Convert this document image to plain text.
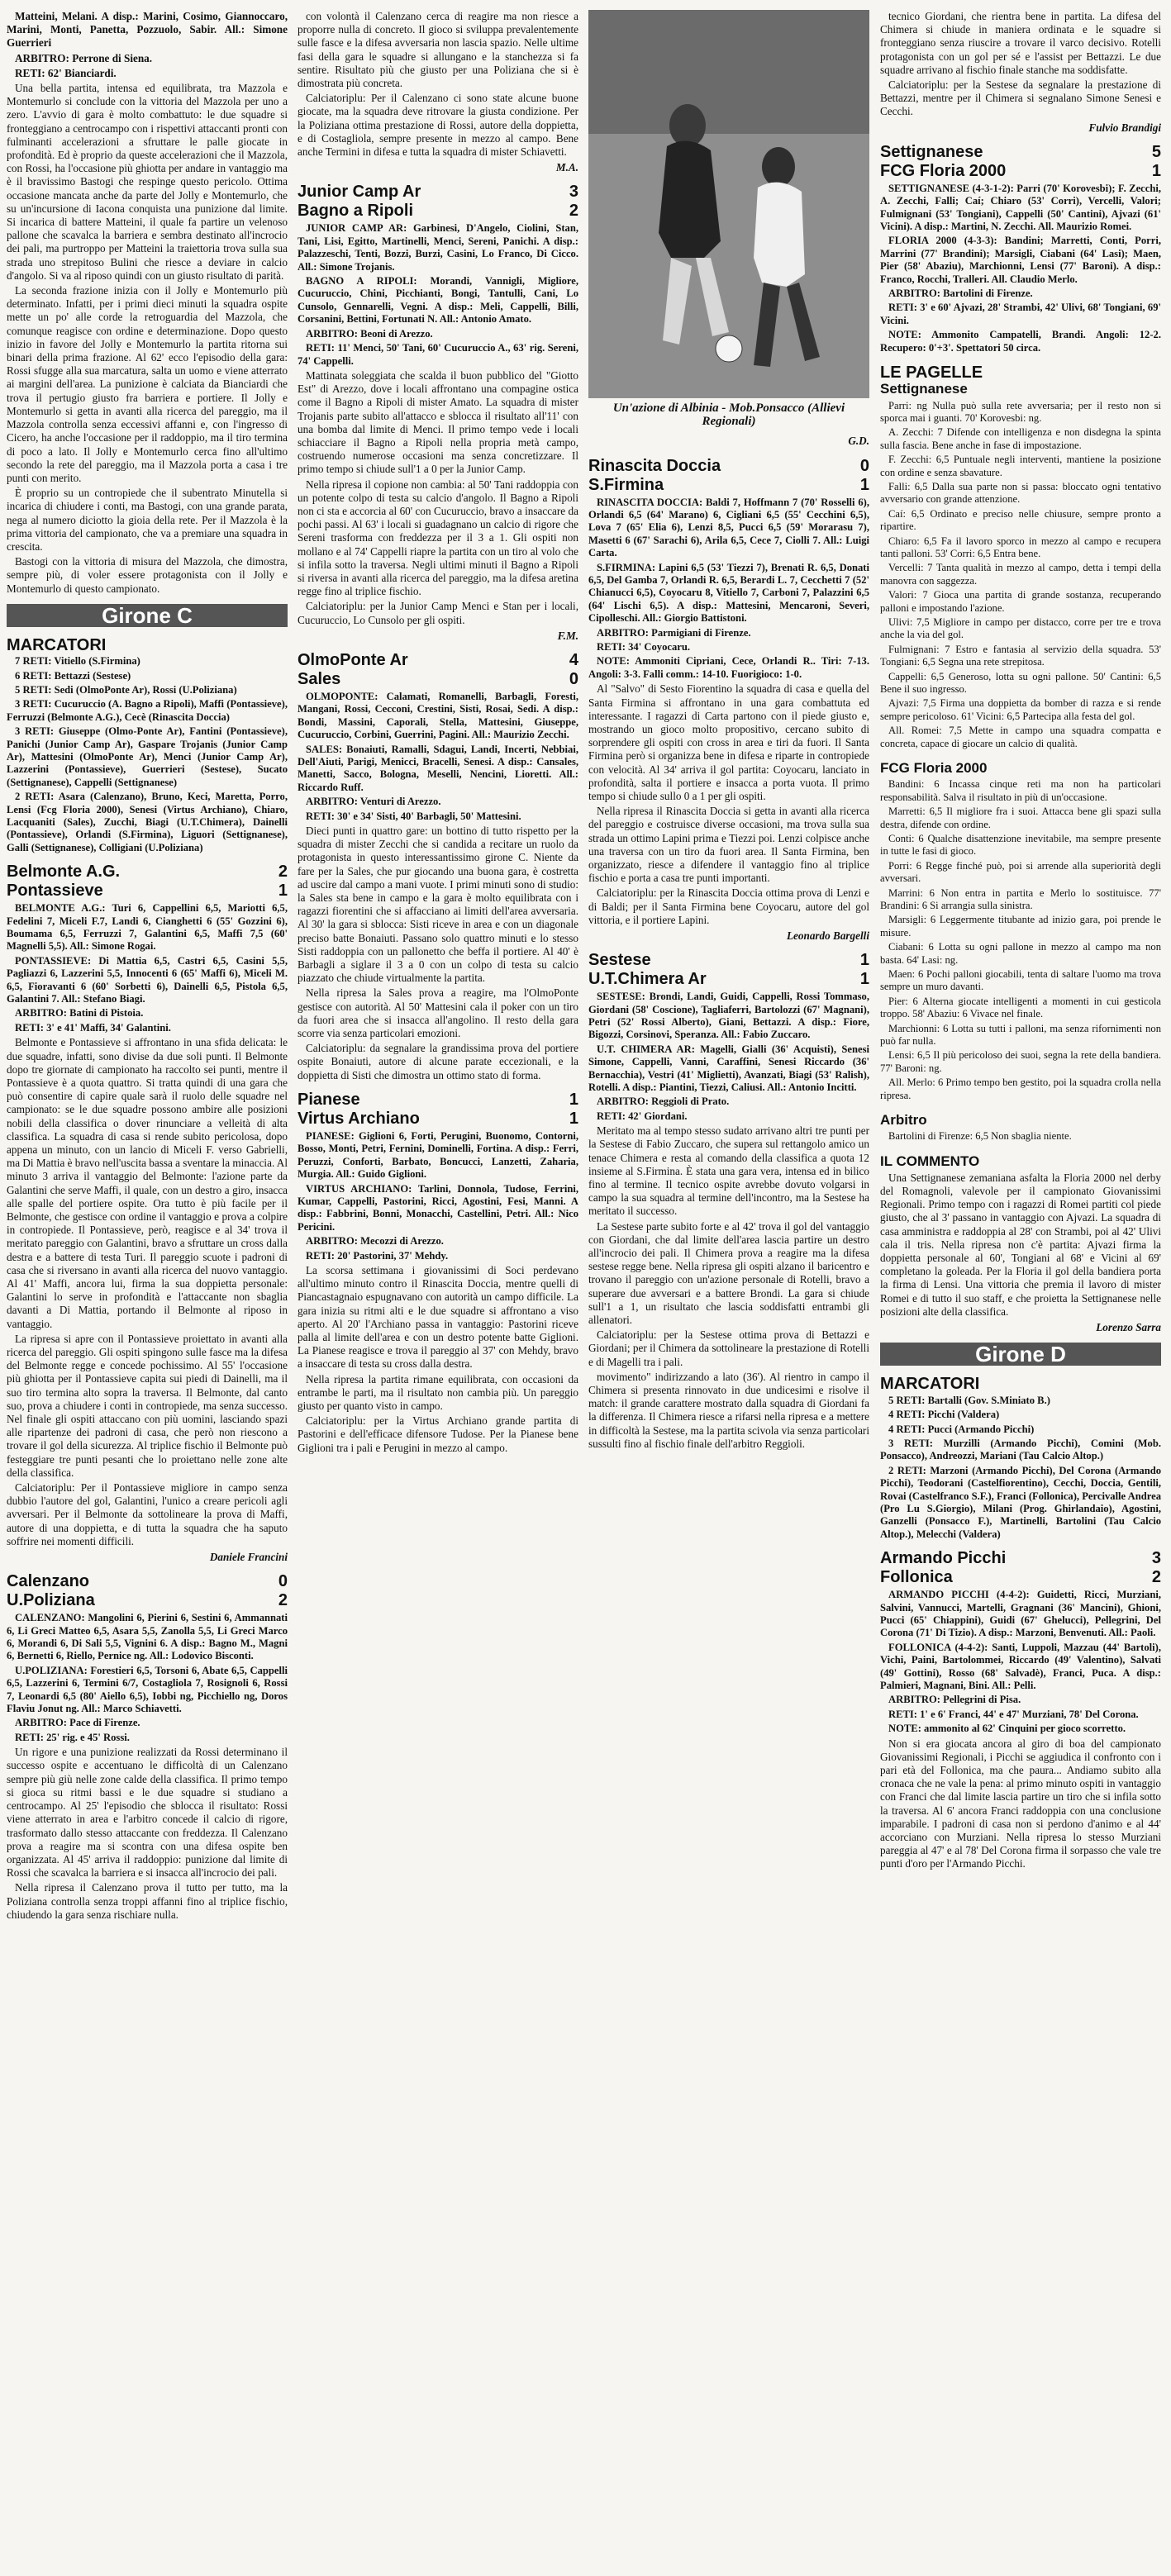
Matteini, Melani. A disp.: Marini, Cosimo, Giannoccaro, Marini, Monti, Panetta, Pozzuolo, Sabir. All.: Simone Guerrieri

ARBITRO: Perrone di Siena.

RETI: 62' Bianciardi.

Una bella partita, intensa ed equilibrata, tra Mazzola e Montemurlo si conclude con la vittoria del Mazzola per uno a zero. L'avvio di gara è molto combattuto: le due squadre si fronteggiano a centrocampo con i rispettivi attaccanti pronti con fulminanti accelerazioni a sfruttare le palle giocate in profondità. Ed è proprio da queste accelerazioni che il Mazzola, con Rossi, ha l'occasione più ghiotta per andare in vantaggio ma è il bravissimo Bastogi che respinge questo pericolo. Ottima occasione mancata anche da parte del Jolly e Montemurlo, che su un'incursione di Iacona conquista una punizione dal limite. Si incarica di battere Matteini, il quale fa partire un velenoso pallone che scavalca la barriera e sembra destinato all'incrocio dei pali, ma purtroppo per Matteini la traiettoria trova sulla sua strada uno strepitoso Bulini che riesce a deviare in calcio d'angolo. Si va al riposo quindi con un giusto risultato di parità.

La seconda frazione inizia con il Jolly e Montemurlo più determinato. Infatti, per i primi dieci minuti la squadra ospite mette un po' alle corde la retroguardia del Mazzola, che comunque reagisce con ordine e determinazione. Dopo questo inizio in favore del Jolly e Montemurlo la partita ritorna sui binari della prima frazione. Al 62' ecco l'episodio della gara: Rossi sfugge alla sua marcatura, salta un uomo e viene atterrato ai margini dell'area. La punizione è calciata da Bianciardi che trova il pertugio giusto fra barriera e portiere. Il Jolly e Montemurlo si getta in avanti alla ricerca del pareggio, ma il Mazzola controlla senza eccessivi affanni e, con l'ingresso di Cicero, ha anche l'occasione per il raddoppio, ma il tiro termina di poco a lato. Il Jolly e Montemurlo cerca fino all'ultimo secondo la rete del pareggio, ma il Mazzola porta a casa i tre punti con merito.

È proprio su un contropiede che il subentrato Minutella si incarica di chiudere i conti, ma Bastogi, con una grande parata, nega al numero diciotto la gioia della rete. Per il Mazzola è la prima vittoria del campionato, che va a premiare una squadra in crescita.

Bastogi con la vittoria di misura del Mazzola, che dimostra, sempre più, di voler essere protagonista con il Jolly e Montemurlo di questo campionato.

Girone C
MARCATORI

7 RETI: Vitiello (S.Firmina)

6 RETI: Bettazzi (Sestese)

5 RETI: Sedi (OlmoPonte Ar), Rossi (U.Poliziana)

3 RETI: Cucuruccio (A. Bagno a Ripoli), Maffi (Pontassieve), Ferruzzi (Belmonte A.G.), Cecè (Rinascita Doccia)

3 RETI: Giuseppe (Olmo-Ponte Ar), Fantini (Pontassieve), Panichi (Junior Camp Ar), Gaspare Trojanis (Junior Camp Ar), Mattesini (OlmoPonte Ar), Menci (Junior Camp Ar), Lazzerini (Pontassieve), Guerrieri (Sestese), Sucato (Settignanese), Cappelli (Settignanese)

2 RETI: Asara (Calenzano), Bruno, Keci, Maretta, Porro, Lensi (Fcg Floria 2000), Senesi (Virtus Archiano), Chiaro, Lacquaniti (Sales), Zucchi, Biagi (U.T.Chimera), Dainelli (Pontassieve), Orlandi (S.Firmina), Liguori (Settignanese), Galli (Settignanese), Colligiani (U.Poliziana)

Belmonte A.G.	2
Pontassieve	1

BELMONTE A.G.: Turi 6, Cappellini 6,5, Mariotti 6,5, Fedelini 7, Miceli F.7, Landi 6, Cianghetti 6 (55' Gozzini 6), Boumama 6,5, Ferruzzi 7, Galantini 6,5, Maffi 7,5 (60' Magnelli 5,5). All.: Simone Rogai.

PONTASSIEVE: Di Mattia 6,5, Castri 6,5, Casini 5,5, Pagliazzi 6, Lazzerini 5,5, Innocenti 6 (65' Maffi 6), Miceli M. 6,5, Fioravanti 6 (60' Sorbetti 6), Dainelli 6,5, Pistola 6,5, Galantini 7. All.: Stefano Biagi.

ARBITRO: Batini di Pistoia.

RETI: 3' e 41' Maffi, 34' Galantini.

Belmonte e Pontassieve si affrontano in una sfida delicata: le due squadre, infatti, sono divise da due soli punti. Il Belmonte dopo tre giornate di campionato ha raccolto sei punti, mentre il Pontassieve è a quota quattro. Si tratta quindi di una gara che può consentire di capire quale sarà il ruolo delle squadre nel campionato: se le due squadre possono ambire alle posizioni nobili della classifica o dover rinunciare a velleità di alta classifica. La squadra di casa si rende subito pericolosa, dopo appena un minuto, con un lancio di Miceli F. verso Gabrielli, ma Di Mattia è bravo nell'uscita bassa a sventare la minaccia. Al minuto 3 arriva il vantaggio del Belmonte: l'azione parte da Galantini che serve Maffi, il quale, con un destro a giro, insacca alle spalle del portiere ospite. Ora tutto è più facile per il Belmonte, che gestisce con ordine il vantaggio e prova a colpire in contropiede. Il Pontassieve, però, reagisce e al 34' trova il meritato pareggio con Galantini, bravo a sfruttare un cross dalla destra e a battere di testa Turi. Il pareggio scuote i padroni di casa che si riversano in avanti alla ricerca del nuovo vantaggio. Al 41' Maffi, ancora lui, firma la sua doppietta personale: Galantini lo serve in profondità e l'attaccante non sbaglia davanti a Di Mattia, portando il Belmonte al riposo in vantaggio.

La ripresa si apre con il Pontassieve proiettato in avanti alla ricerca del pareggio. Gli ospiti spingono sulle fasce ma la difesa del Belmonte regge e concede pochissimo. Al 55' l'occasione più ghiotta per il Pontassieve capita sui piedi di Dainelli, ma il suo tiro termina alto sopra la traversa. Il Belmonte, dal canto suo, prova a chiudere i conti in contropiede, ma senza successo. Nel finale gli ospiti attaccano con più uomini, lasciando spazi alle ripartenze dei padroni di casa, che però non riescono a trovare il gol della sicurezza. Al triplice fischio il Belmonte può festeggiare tre punti pesanti che lo proiettano nelle zone alte della classifica.

Calciatoriplu: Per il Pontassieve migliore in campo senza dubbio l'autore del gol, Galantini, l'unico a creare pericoli agli avversari. Per il Belmonte da sottolineare la prova di Maffi, autore di una doppietta, e di tutta la squadra che ha saputo soffrire nei momenti difficili.

Daniele Francini
Calenzano	0
U.Poliziana	2

CALENZANO: Mangolini 6, Pierini 6, Sestini 6, Ammannati 6, Li Greci Matteo 6,5, Asara 5,5, Zanolla 5,5, Li Greci Marco 6, Morandi 6, Di Sali 5,5, Vignini 6. A disp.: Bagno M., Magni 6, Bernetti 6, Riello, Pernice ng. All.: Lodovico Bisconti.

U.POLIZIANA: Forestieri 6,5, Torsoni 6, Abate 6,5, Cappelli 6,5, Lazzerini 6, Termini 6/7, Costagliola 7, Rosignoli 6, Rossi 7, Leonardi 6,5 (80' Aiello 6,5), Iobbi ng, Picchiello ng, Doros Flaviu Jonut ng. All.: Marco Schiavetti.

ARBITRO: Pace di Firenze.

RETI: 25' rig. e 45' Rossi.

Un rigore e una punizione realizzati da Rossi determinano il successo ospite e accentuano le difficoltà di un Calenzano sempre più giù nelle zone calde della classifica. Il primo tempo si gioca su ritmi bassi e le due squadre si studiano a centrocampo. Al 25' l'episodio che sblocca il risultato: Rossi viene atterrato in area e l'arbitro concede il calcio di rigore, trasformato dallo stesso attaccante con freddezza. Il Calenzano prova a reagire ma si scontra con una difesa ospite ben organizzata. Al 45' arriva il raddoppio: punizione dal limite di Rossi che scavalca la barriera e si insacca all'incrocio dei pali.

Nella ripresa il Calenzano prova il tutto per tutto, ma la Poliziana controlla senza troppi affanni fino al triplice fischio, chiudendo la gara senza rischiare nulla.

con volontà il Calenzano cerca di reagire ma non riesce a proporre nulla di concreto. Il gioco si sviluppa prevalentemente sulle fasce e la difesa avversaria non lascia spazio. Nelle ultime fasi della gara le squadre si allungano e la stanchezza si fa sentire. Risultato più che giusto per una Poliziana che si è dimostrata più concreta.

Calciatoriplu: Per il Calenzano ci sono state alcune buone giocate, ma la squadra deve ritrovare la giusta condizione. Per la Poliziana ottima prestazione di Rossi, autore della doppietta, e di Costagliola, sempre presente in mezzo al campo. Bene anche Termini in difesa e tutta la squadra di mister Schiavetti.

M.A.
Junior Camp Ar	3
Bagno a Ripoli	2

JUNIOR CAMP AR: Garbinesi, D'Angelo, Ciolini, Stan, Tani, Lisi, Egitto, Martinelli, Menci, Sereni, Panichi. A disp.: Palazzeschi, Tenti, Bozzi, Burzi, Casini, Lo Franco, Di Cicco. All.: Simone Trojanis.

BAGNO A RIPOLI: Morandi, Vannigli, Migliore, Cucuruccio, Chini, Picchianti, Bongi, Tantulli, Cani, Lo Cunsolo, Gennarelli, Vegni. A disp.: Meli, Cappelli, Billi, Corsanini, Bettini, Fortunati N. All.: Antonio Amato.

ARBITRO: Beoni di Arezzo.

RETI: 11' Menci, 50' Tani, 60' Cucuruccio A., 63' rig. Sereni, 74' Cappelli.

Mattinata soleggiata che scalda il buon pubblico del "Giotto Est" di Arezzo, dove i locali affrontano una compagine ostica come il Bagno a Ripoli di mister Amato. La squadra di mister Trojanis parte subito all'attacco e sblocca il risultato all'11' con una bomba dal limite di Menci. Il primo tempo vede i locali schiacciare il Bagno a Ripoli nella propria metà campo, costruendo numerose occasioni ma senza concretizzare. Il primo tempo si chiude sull'1 a 0 per la Junior Camp.

Nella ripresa il copione non cambia: al 50' Tani raddoppia con un potente colpo di testa su calcio d'angolo. Il Bagno a Ripoli non ci sta e accorcia al 60' con Cucuruccio, bravo a insaccare da pochi passi. Al 63' i locali si guadagnano un calcio di rigore che Sereni trasforma con freddezza per il 3 a 1. Gli ospiti non mollano e al 74' Cappelli riapre la partita con un tiro al volo che si infila sotto la traversa. Negli ultimi minuti il Bagno a Ripoli si riversa in avanti alla ricerca del pareggio, ma la difesa aretina regge fino al triplice fischio.

Calciatoriplu: per la Junior Camp Menci e Stan per i locali, Cucuruccio, Lo Cunsolo per gli ospiti.

F.M.
OlmoPonte Ar	4
Sales	0

OLMOPONTE: Calamati, Romanelli, Barbagli, Foresti, Mangani, Rossi, Cecconi, Crestini, Sisti, Rosai, Sedi. A disp.: Bondi, Massini, Caporali, Stella, Mattesini, Giuseppe, Cucuruccio, Corbini, Guerrini, Pagini. All.: Maurizio Zecchi.

SALES: Bonaiuti, Ramalli, Sdagui, Landi, Incerti, Nebbiai, Dell'Aiuti, Parigi, Menicci, Bracelli, Senesi. A disp.: Cansales, Manetti, Sacco, Bologna, Meselli, Nencini, Lioretti. All.: Riccardo Ruff.

ARBITRO: Venturi di Arezzo.

RETI: 30' e 34' Sisti, 40' Barbagli, 50' Mattesini.

Dieci punti in quattro gare: un bottino di tutto rispetto per la squadra di mister Zecchi che si candida a recitare un ruolo da protagonista in questo interessantissimo girone C. Niente da fare per la Sales, che pur giocando una buona gara, è costretta ad uscire dal campo a mani vuote. I primi minuti sono di studio: la Sales sta bene in campo e la gara è molto equilibrata con i ragazzi fiorentini che si affacciano ai limiti dell'area avversaria. Al 30' la gara si sblocca: Sisti riceve in area e con un diagonale preciso batte Bonaiuti. Passano solo quattro minuti e lo stesso Sisti raddoppia con un pallonetto che beffa il portiere. Al 40' è Barbagli a siglare il 3 a 0 con un colpo di testa su calcio piazzato che chiude virtualmente la partita.

Nella ripresa la Sales prova a reagire, ma l'OlmoPonte gestisce con autorità. Al 50' Mattesini cala il poker con un tiro da fuori area che si insacca all'angolino. Il resto della gara scorre via senza particolari emozioni.

Calciatoriplu: da segnalare la grandissima prova del portiere ospite Bonaiuti, autore di alcune parate eccezionali, e la doppietta di Sisti che dimostra un ottimo stato di forma.

Pianese	1
Virtus Archiano	1

PIANESE: Giglioni 6, Forti, Perugini, Buonomo, Contorni, Bosso, Monti, Petri, Fernini, Dominelli, Fortina. A disp.: Ferri, Peruzzi, Conforti, Barbato, Boncucci, Lanzetti, Zaharia, Murgia. All.: Guido Giglioni.

VIRTUS ARCHIANO: Tarlini, Donnola, Tudose, Ferrini, Kumar, Cappelli, Pastorini, Ricci, Agostini, Fesi, Manni. A disp.: Fabbrini, Bonni, Monacchi, Castellini, Petri. All.: Nico Pericini.

ARBITRO: Mecozzi di Arezzo.

RETI: 20' Pastorini, 37' Mehdy.

La scorsa settimana i giovanissimi di Soci perdevano all'ultimo minuto contro il Rinascita Doccia, mentre quelli di Piancastagnaio espugnavano con autorità un campo difficile. La gara inizia su ritmi alti e le due squadre si affrontano a viso aperto. Al 20' l'Archiano passa in vantaggio: Pastorini riceve palla al limite dell'area e con un destro potente batte Giglioni. La Pianese reagisce e trova il pareggio al 37' con Mehdy, bravo a insaccare di testa su cross dalla destra.

Nella ripresa la partita rimane equilibrata, con occasioni da entrambe le parti, ma il risultato non cambia più. Un pareggio giusto per quanto visto in campo.

Calciatoriplu: per la Virtus Archiano grande partita di Pastorini e dell'efficace difensore Tudose. Per la Pianese bene Giglioni tra i pali e Perugini in mezzo al campo.

Un'azione di Albinia - Mob.Ponsacco (Allievi Regionali)
G.D.
Rinascita Doccia	0
S.Firmina	1

RINASCITA DOCCIA: Baldi 7, Hoffmann 7 (70' Rosselli 6), Orlandi 6,5 (64' Marano) 6, Cigliani 6,5 (55' Cecchini 6,5), Lova 7 (65' Elia 6), Lenzi 8,5, Pucci 6,5 (59' Morarasu 7), Masetti 6 (67' Sarachi 6), Arila 6,5, Cece 7, Ciolli 7. All.: Luigi Carta.

S.FIRMINA: Lapini 6,5 (53' Tiezzi 7), Brenati R. 6,5, Donati 6,5, Del Gamba 7, Orlandi R. 6,5, Berardi L. 7, Cecchetti 7 (52' Chianucci 6,5), Coyocaru 8, Vitiello 7, Carboni 7, Palazzini 6,5 (64' Lischi 6,5). A disp.: Mattesini, Mencaroni, Severi, Cipolleschi. All.: Giorgio Battistoni.

ARBITRO: Parmigiani di Firenze.

RETI: 34' Coyocaru.

NOTE: Ammoniti Cipriani, Cece, Orlandi R.. Tiri: 7-13. Angoli: 3-3. Falli comm.: 14-10. Fuorigioco: 1-0.

Al "Salvo" di Sesto Fiorentino la squadra di casa e quella del Santa Firmina si affrontano in una gara combattuta ed interessante. I ragazzi di Carta partono con il piede giusto e, mostrando un gioco molto propositivo, cercano subito di sorprendere gli ospiti con cross in area e tiri da fuori. Il Santa Firmina però si organizza bene in difesa e riparte in contropiede con velocità. Al 34' arriva il gol partita: Coyocaru, lanciato in profondità, salta il portiere e insacca a porta vuota. Il primo tempo si chiude sullo 0 a 1 per gli ospiti.

Nella ripresa il Rinascita Doccia si getta in avanti alla ricerca del pareggio e costruisce diverse occasioni, ma trova sulla sua strada un ottimo Lapini prima e Tiezzi poi. Lenzi colpisce anche una traversa con un tiro da fuori area. Il Santa Firmina, ben organizzato, riesce a difendere il vantaggio fino al triplice fischio e porta a casa tre punti importanti.

Calciatoriplu: per la Rinascita Doccia ottima prova di Lenzi e di Baldi; per il Santa Firmina bene Coyocaru, autore del gol vittoria, e il portiere Lapini.

Leonardo Bargelli
Sestese	1
U.T.Chimera Ar	1

SESTESE: Brondi, Landi, Guidi, Cappelli, Rossi Tommaso, Giordani (58' Coscione), Tagliaferri, Bartolozzi (67' Magnani), Petri (52' Rossi Alberto), Giani, Bettazzi. A disp.: Fiore, Bigozzi, Corsinovi, Speranza. All.: Fabio Zuccaro.

U.T. CHIMERA AR: Magelli, Gialli (36' Acquisti), Senesi Simone, Cappelli, Vanni, Caraffini, Senesi Riccardo (36' Bernacchia), Vestri (41' Miglietti), Avanzati, Biagi (53' Ralish), Rotelli. A disp.: Piantini, Tiezzi, Caliusi. All.: Antonio Incitti.

ARBITRO: Reggioli di Prato.

RETI: 42' Giordani.

Meritato ma al tempo stesso sudato arrivano altri tre punti per la Sestese di Fabio Zuccaro, che supera sul rettangolo amico un tenace Chimera e resta al comando della classifica a quota 12 insieme al S.Firmina. È stata una gara vera, intensa ed in bilico fino al termine. Il tecnico ospite avrebbe dovuto volgarsi in campo la sua squadra al termine dell'incontro, ma la Sestese ha meritato il successo.

La Sestese parte subito forte e al 42' trova il gol del vantaggio con Giordani, che dal limite dell'area lascia partire un destro all'incrocio dei pali. Il Chimera prova a reagire ma la difesa sestese regge bene. Nella ripresa gli ospiti alzano il baricentro e trovano il pareggio con un'azione personale di Rotelli, bravo a superare due avversari e a battere Brondi. La gara si chiude sull'1 a 1, un risultato che lascia soddisfatti entrambi gli allenatori.

Calciatoriplu: per la Sestese ottima prova di Bettazzi e Giordani; per il Chimera da sottolineare la prestazione di Rotelli e di Magelli tra i pali.

movimento" indirizzando a lato (36'). Al rientro in campo il Chimera si presenta rinnovato in due undicesimi e risolve il match: il grande carattere mostrato dalla squadra di Giordani fa la differenza. Il Chimera riesce a rifarsi nella ripresa e a mettere in difficoltà la Sestese, ma la partita scivola via senza particolari sussulti fino al fischio finale dell'arbitro Reggioli.

tecnico Giordani, che rientra bene in partita. La difesa del Chimera si chiude in maniera ordinata e le squadre si fronteggiano senza riuscire a trovare il varco decisivo. Rotelli protagonista con un gol per sé e l'assist per Bettazzi. Le due squadre arrivano al fischio finale stanche ma soddisfatte.

Calciatoriplu: per la Sestese da segnalare la prestazione di Bettazzi, mentre per il Chimera si segnalano Simone Senesi e Cecchi.

Fulvio Brandigi
Settignanese	5
FCG Floria 2000	1

SETTIGNANESE (4-3-1-2): Parri (70' Korovesbi); F. Zecchi, A. Zecchi, Falli; Caí; Chiaro (53' Corri), Vercelli, Valori; Fulmignani (53' Tongiani), Cappelli (50' Cantini), Ajvazi (61' Vicini). A disp.: Martini, N. Zecchi. All. Maurizio Romei.

FLORIA 2000 (4-3-3): Bandini; Marretti, Conti, Porri, Marrini (77' Brandini); Marsigli, Ciabani (64' Lasi); Maen, Pier (58' Abaziu), Marchionni, Lensi (77' Baroni). A disp.: Franco, Rocchi, Tralleri. All. Claudio Merlo.

ARBITRO: Bartolini di Firenze.

RETI: 3' e 60' Ajvazi, 28' Strambi, 42' Ulivi, 68' Tongiani, 69' Vicini.

NOTE: Ammonito Campatelli, Brandi. Angoli: 12-2. Recupero: 0'+3'. Spettatori 50 circa.

LE PAGELLE
Settignanese

Parri: ng Nulla può sulla rete avversaria; per il resto non si sporca mai i guanti. 70' Korovesbi: ng.

A. Zecchi: 7 Difende con intelligenza e non disdegna la spinta sulla fascia. Bene anche in fase di impostazione.

F. Zecchi: 6,5 Puntuale negli interventi, mantiene la posizione con ordine e senza sbavature.

Falli: 6,5 Dalla sua parte non si passa: bloccato ogni tentativo avversario con grande attenzione.

Caí: 6,5 Ordinato e preciso nelle chiusure, sempre pronto a ripartire.

Chiaro: 6,5 Fa il lavoro sporco in mezzo al campo e recupera tanti palloni. 53' Corri: 6,5 Entra bene.

Vercelli: 7 Tanta qualità in mezzo al campo, detta i tempi della manovra con saggezza.

Valori: 7 Gioca una partita di grande sostanza, recuperando palloni e impostando l'azione.

Ulivi: 7,5 Migliore in campo per distacco, corre per tre e trova anche la via del gol.

Fulmignani: 7 Estro e fantasia al servizio della squadra. 53' Tongiani: 6,5 Segna una rete strepitosa.

Cappelli: 6,5 Generoso, lotta su ogni pallone. 50' Cantini: 6,5 Bene il suo ingresso.

Ajvazi: 7,5 Firma una doppietta da bomber di razza e si rende sempre pericoloso. 61' Vicini: 6,5 Partecipa alla festa del gol.

All. Romei: 7,5 Mette in campo una squadra compatta e concreta, capace di giocare un calcio di qualità.

FCG Floria 2000

Bandini: 6 Incassa cinque reti ma non ha particolari responsabilità. Salva il risultato in più di un'occasione.

Marretti: 6,5 Il migliore fra i suoi. Attacca bene gli spazi sulla destra, difende con ordine.

Conti: 6 Qualche disattenzione inevitabile, ma sempre presente in tutte le fasi di gioco.

Porri: 6 Regge finché può, poi si arrende alla superiorità degli avversari.

Marrini: 6 Non entra in partita e Merlo lo sostituisce. 77' Brandini: 6 Si arrangia sulla sinistra.

Marsigli: 6 Leggermente titubante ad inizio gara, poi prende le misure.

Ciabani: 6 Lotta su ogni pallone in mezzo al campo ma non basta. 64' Lasi: ng.

Maen: 6 Pochi palloni giocabili, tenta di saltare l'uomo ma trova sempre un muro davanti.

Pier: 6 Alterna giocate intelligenti a momenti in cui gesticola troppo. 58' Abaziu: 6 Vivace nel finale.

Marchionni: 6 Lotta su tutti i palloni, ma senza rifornimenti non può far nulla.

Lensi: 6,5 Il più pericoloso dei suoi, segna la rete della bandiera. 77' Baroni: ng.

All. Merlo: 6 Primo tempo ben gestito, poi la squadra crolla nella ripresa.

Arbitro

Bartolini di Firenze: 6,5 Non sbaglia niente.

IL COMMENTO

Una Settignanese zemaniana asfalta la Floria 2000 nel derby del Romagnoli, valevole per il campionato Giovanissimi Regionali. Primo tempo con i ragazzi di Romei partiti col piede giusto, che al 3' passano in vantaggio con Ajvazi. La squadra di casa amministra e raddoppia al 28' con Strambi, poi al 42' Ulivi cala il tris. Nella ripresa non c'è partita: Ajvazi firma la doppietta personale al 60', Tongiani al 68' e Vicini al 69' completano la goleada. Per la Floria il gol della bandiera porta la firma di Lensi. Una vittoria che premia il lavoro di mister Romei e di tutto il suo staff, e che proietta la Settignanese nelle posizioni alte della classifica.

Lorenzo Sarra
Girone D
MARCATORI

5 RETI: Bartalli (Gov. S.Miniato B.)

4 RETI: Picchi (Valdera)

4 RETI: Pucci (Armando Picchi)

3 RETI: Murzilli (Armando Picchi), Comini (Mob. Ponsacco), Andreozzi, Mariani (Tau Calcio Altop.)

2 RETI: Marzoni (Armando Picchi), Del Corona (Armando Picchi), Teodorani (Castelfiorentino), Cecchi, Doccia, Gentili, Rovai (Castelfranco S.F.), Franci (Follonica), Percivalle Andrea (Pro Lu S.Giorgio), Milani (Prog. Ghirlandaio), Agostini, Ganzelli (Ponsacco F.), Martinelli, Bartolini (Tau Calcio Altop.), Melecchi (Valdera)

Armando Picchi	3
Follonica	2

ARMANDO PICCHI (4-4-2): Guidetti, Ricci, Murziani, Salvini, Vannucci, Martelli, Gragnani (36' Mancini), Ghioni, Pucci (65' Chiappini), Guidi (67' Ghelucci), Pellegrini, Del Corona (71' Di Tizio). A disp.: Marzoni, Benvenuti. All.: Paoli.

FOLLONICA (4-4-2): Santi, Luppoli, Mazzau (44' Bartoli), Vichi, Paini, Bartolommei, Riccardo (49' Valentino), Salvati (49' Gottini), Rosso (68' Salvadè), Franci, Puca. A disp.: Palmieri, Magnani, Bini. All.: Pelli.

ARBITRO: Pellegrini di Pisa.

RETI: 1' e 6' Franci, 44' e 47' Murziani, 78' Del Corona.

NOTE: ammonito al 62' Cinquini per gioco scorretto.

Non si era giocata ancora al giro di boa del campionato Giovanissimi Regionali, i Picchi se aggiudica il confronto con i pari età del Follonica, ma che paura... Andiamo subito alla cronaca che ne vale la pena: al primo minuto ospiti in vantaggio con Franci che dal limite lascia partire un tiro che si infila sotto la traversa. Al 6' ancora Franci raddoppia con una conclusione imparabile. I padroni di casa non si perdono d'animo e al 44' accorciano con Murziani. Nella ripresa lo stesso Murziani pareggia al 47' e al 78' Del Corona firma il sorpasso che vale tre punti d'oro per l'Armando Picchi.
